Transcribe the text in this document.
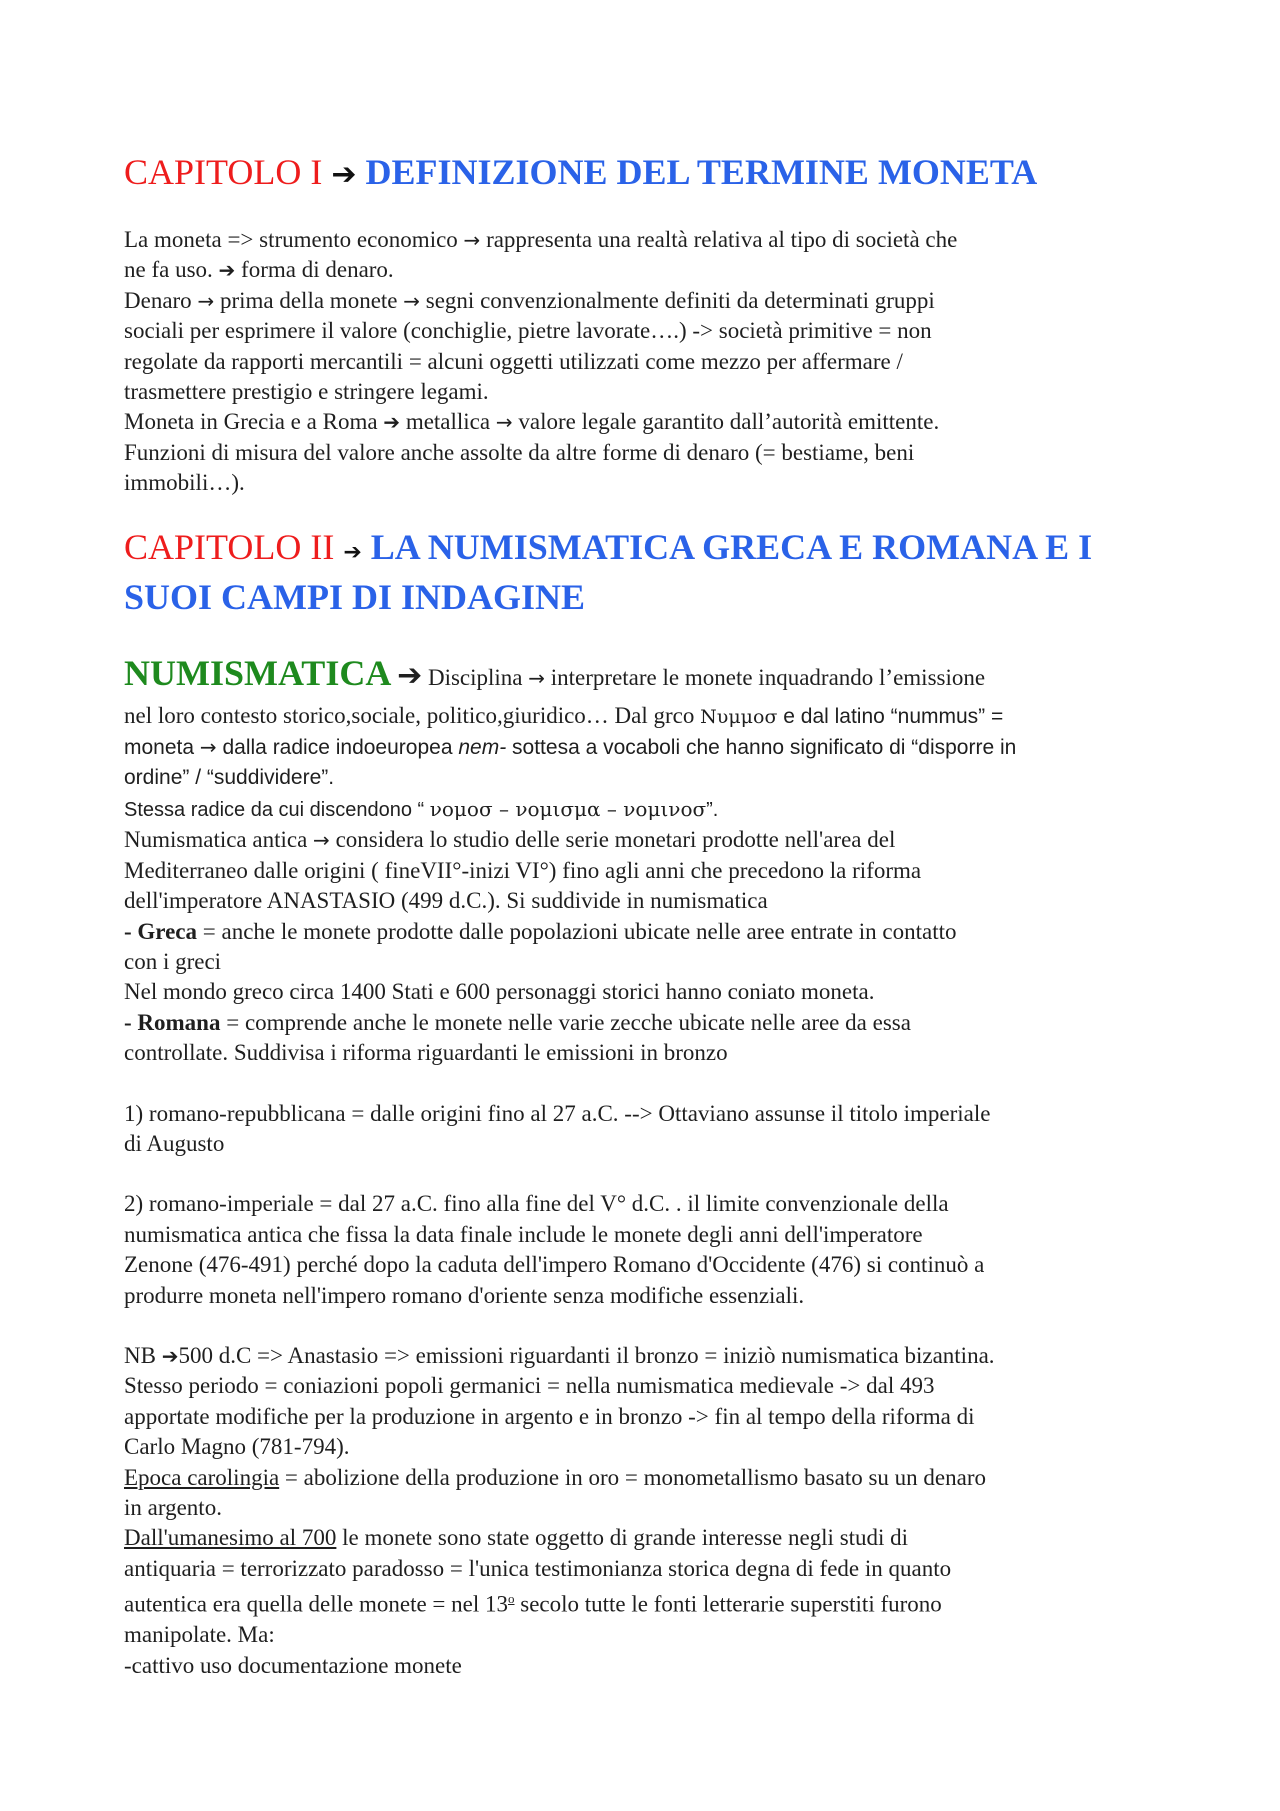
CAPITOLO I ➔ DEFINIZIONE DEL TERMINE MONETA

La moneta => strumento economico → rappresenta una realtà relativa al tipo di società che

ne fa uso. ➔ forma di denaro.

Denaro → prima della monete → segni convenzionalmente definiti da determinati gruppi

sociali per esprimere il valore (conchiglie, pietre lavorate….) -> società primitive = non

regolate da rapporti mercantili = alcuni oggetti utilizzati come mezzo per affermare /

trasmettere prestigio e stringere legami.

Moneta in Grecia e a Roma ➔ metallica → valore legale garantito dall’autorità emittente.

Funzioni di misura del valore anche assolte da altre forme di denaro (= bestiame, beni

immobili…).

CAPITOLO II ➔ LA NUMISMATICA GRECA E ROMANA E I
SUOI CAMPI DI INDAGINE

NUMISMATICA ➔ Disciplina → interpretare le monete inquadrando l’emissione

nel loro contesto storico,sociale, politico,giuridico… Dal grco Νυμμοσ e dal latino “nummus” =

moneta → dalla radice indoeuropea nem- sottesa a vocaboli che hanno significato di “disporre in

ordine” / “suddividere”.

Stessa radice da cui discendono “ νομοσ – νομισμα – νομινοσ”.

Numismatica antica → considera lo studio delle serie monetari prodotte nell'area del

Mediterraneo dalle origini ( fineVII°-inizi VI°) fino agli anni che precedono la riforma

dell'imperatore ANASTASIO (499 d.C.). Si suddivide in numismatica

- Greca = anche le monete prodotte dalle popolazioni ubicate nelle aree entrate in contatto

con i greci

Nel mondo greco circa 1400 Stati e 600 personaggi storici hanno coniato moneta.

- Romana = comprende anche le monete nelle varie zecche ubicate nelle aree da essa

controllate. Suddivisa i riforma riguardanti le emissioni in bronzo

1) romano-repubblicana = dalle origini fino al 27 a.C. --> Ottaviano assunse il titolo imperiale

di Augusto

2) romano-imperiale = dal 27 a.C. fino alla fine del V° d.C. . il limite convenzionale della

numismatica antica che fissa la data finale include le monete degli anni dell'imperatore

Zenone (476-491) perché dopo la caduta dell'impero Romano d'Occidente (476) si continuò a

produrre moneta nell'impero romano d'oriente senza modifiche essenziali.

NB ➔500 d.C => Anastasio => emissioni riguardanti il bronzo = iniziò numismatica bizantina.

Stesso periodo = coniazioni popoli germanici = nella numismatica medievale -> dal 493

apportate modifiche per la produzione in argento e in bronzo -> fin al tempo della riforma di

Carlo Magno (781-794).

Epoca carolingia = abolizione della produzione in oro = monometallismo basato su un denaro

in argento.

Dall'umanesimo al 700 le monete sono state oggetto di grande interesse negli studi di

antiquaria = terrorizzato paradosso = l'unica testimonianza storica degna di fede in quanto

autentica era quella delle monete = nel 13$^o$ secolo tutte le fonti letterarie superstiti furono

manipolate. Ma:

-cattivo uso documentazione monete
